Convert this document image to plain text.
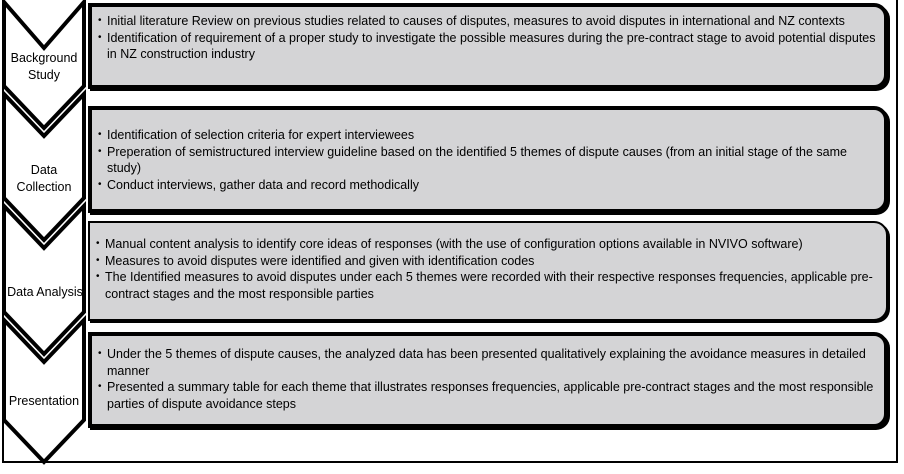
Background
Study
Data
Collection
Data Analysis
Presentation
• Initial literature Review on previous studies related to causes of disputes, measures to avoid disputes in international and NZ contexts
• Identification of requirement of a proper study to investigate the possible measures during the pre-contract stage to avoid potential disputes in NZ construction industry
• Identification of selection criteria for expert interviewees
• Preperation of semistructured interview guideline based on the identified 5 themes of dispute causes (from an initial stage of the same study)
• Conduct interviews, gather data and record methodically
• Manual content analysis to identify core ideas of responses (with the use of configuration options available in NVIVO software)
• Measures to avoid disputes were identified and given with identification codes
• The Identified measures to avoid disputes under each 5 themes were recorded with their respective responses frequencies, applicable pre-contract stages and the most responsible parties
• Under the 5 themes of dispute causes, the analyzed data has been presented qualitatively explaining the avoidance measures in detailed manner
• Presented a summary table for each theme that illustrates responses frequencies, applicable pre-contract stages and the most responsible parties of dispute avoidance steps
